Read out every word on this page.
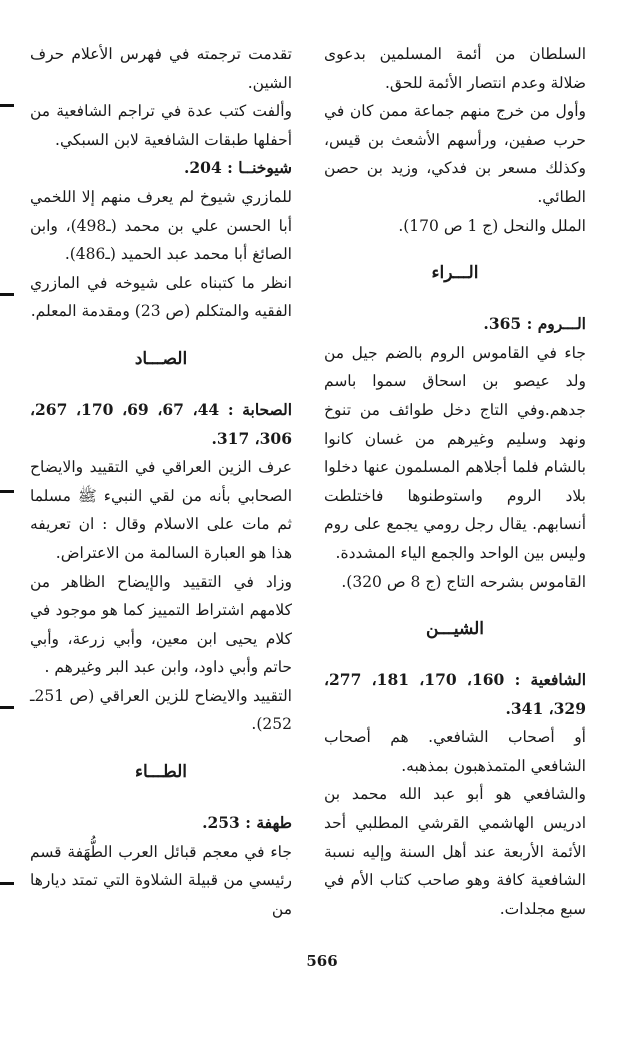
السلطان من أئمة المسلمين بدعوى ضلالة وعدم انتصار الأئمة للحق.

وأول من خرج منهم جماعة ممن كان في حرب صفين، ورأسهم الأشعث بن قيس، وكذلك مسعر بن فدكي، وزيد بن حصن الطائي.

الملل والنحل (ج 1 ص 170).

الـــراء

الـــروم : 365.

جاء في القاموس الروم بالضم جيل من ولد عيصو بن اسحاق سموا باسم جدهم.وفي التاج دخل طوائف من تنوخ ونهد وسليم وغيرهم من غسان كانوا بالشام فلما أجلاهم المسلمون عنها دخلوا بلاد الروم واستوطنوها فاختلطت أنسابهم. يقال رجل رومي يجمع على روم وليس بين الواحد والجمع الياء المشددة.

القاموس بشرحه التاج (ج 8 ص 320).

الشيـــن

الشافعية : 160، 170، 181، 277، 329، 341.

أو أصحاب الشافعي. هم أصحاب الشافعي المتمذهبون بمذهبه.

والشافعي هو أبو عبد الله محمد بن ادريس الهاشمي القرشي المطلبي أحد الأئمة الأربعة عند أهل السنة وإليه نسبة الشافعية كافة وهو صاحب كتاب الأم في سبع مجلدات.

تقدمت ترجمته في فهرس الأعلام حرف الشين.

وألفت كتب عدة في تراجم الشافعية من أحفلها طبقات الشافعية لابن السبكي.

شيوخنــا : 204.

للمازري شيوخ لم يعرف منهم إلا اللخمي أبا الحسن علي بن محمد (ـ498)، وابن الصائغ أبا محمد عبد الحميد (ـ486).

انظر ما كتبناه على شيوخه في المازري الفقيه والمتكلم (ص 23) ومقدمة المعلم.

الصـــاد

الصحابة : 44، 67، 69، 170، 267، 306، 317.

عرف الزين العراقي في التقييد والايضاح الصحابي بأنه من لقي النبيء ﷺ مسلما ثم مات على الاسلام وقال : ان تعريفه هذا هو العبارة السالمة من الاعتراض.

وزاد في التقييد والإيضاح الظاهر من كلامهم اشتراط التمييز كما هو موجود في كلام يحيى ابن معين، وأبي زرعة، وأبي حاتم وأبي داود، وابن عبد البر وغيرهم .

التقييد والايضاح للزين العراقي (ص 251ـ 252).

الطـــاء

طهفة : 253.

جاء في معجم قبائل العرب الطُّهَفة قسم رئيسي من قبيلة الشلاوة التي تمتد ديارها من

566
